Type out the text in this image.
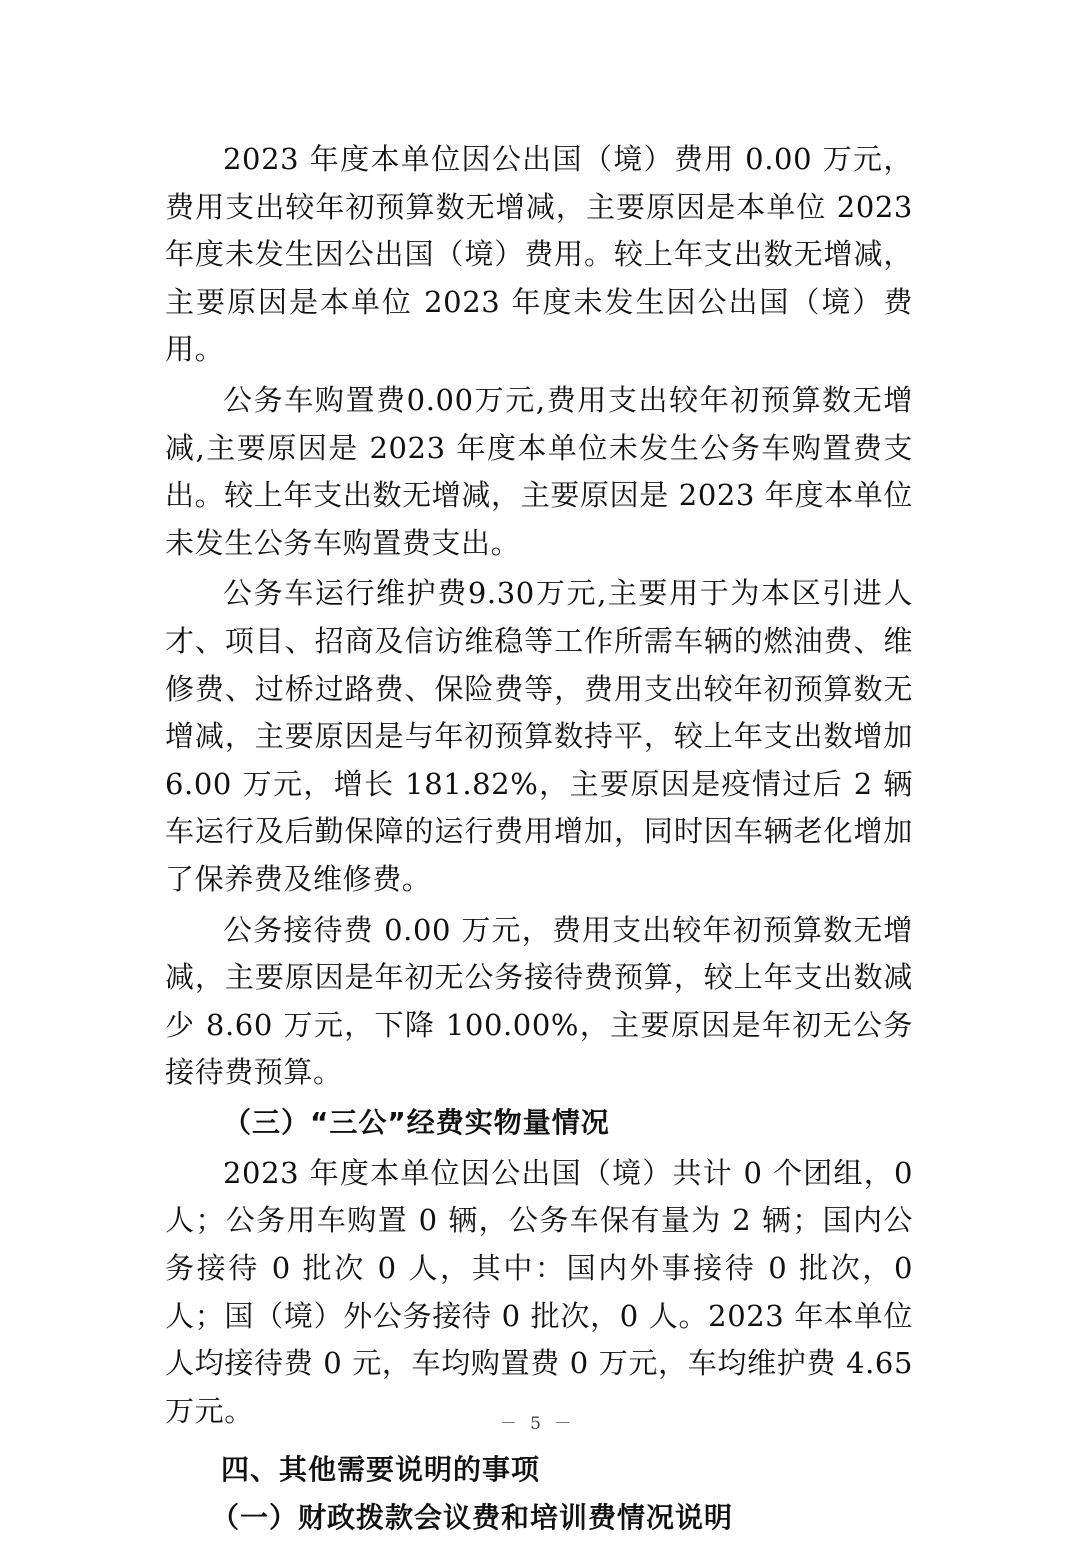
2023 年度本单位因公出国（境）费用 0.00 万元，费用支出较年初预算数无增减，主要原因是本单位 2023 年度未发生因公出国（境）费用。较上年支出数无增减，主要原因是本单位 2023 年度未发生因公出国（境）费用。

公务车购置费0.00万元,费用支出较年初预算数无增减,主要原因是 2023 年度本单位未发生公务车购置费支出。较上年支出数无增减，主要原因是 2023 年度本单位未发生公务车购置费支出。

公务车运行维护费9.30万元,主要用于为本区引进人才、项目、招商及信访维稳等工作所需车辆的燃油费、维修费、过桥过路费、保险费等，费用支出较年初预算数无增减，主要原因是与年初预算数持平，较上年支出数增加 6.00 万元，增长 181.82%，主要原因是疫情过后 2 辆车运行及后勤保障的运行费用增加，同时因车辆老化增加了保养费及维修费。

公务接待费 0.00 万元，费用支出较年初预算数无增减，主要原因是年初无公务接待费预算，较上年支出数减少 8.60 万元，下降 100.00%，主要原因是年初无公务接待费预算。

（三）“三公”经费实物量情况

2023 年度本单位因公出国（境）共计 0 个团组，0 人；公务用车购置 0 辆，公务车保有量为 2 辆；国内公务接待 0 批次 0 人，其中：国内外事接待 0 批次，0 人；国（境）外公务接待 0 批次，0 人。2023 年本单位人均接待费 0 元，车均购置费 0 万元，车均维护费 4.65 万元。

四、其他需要说明的事项
（一）财政拨款会议费和培训费情况说明
－ 5 －
